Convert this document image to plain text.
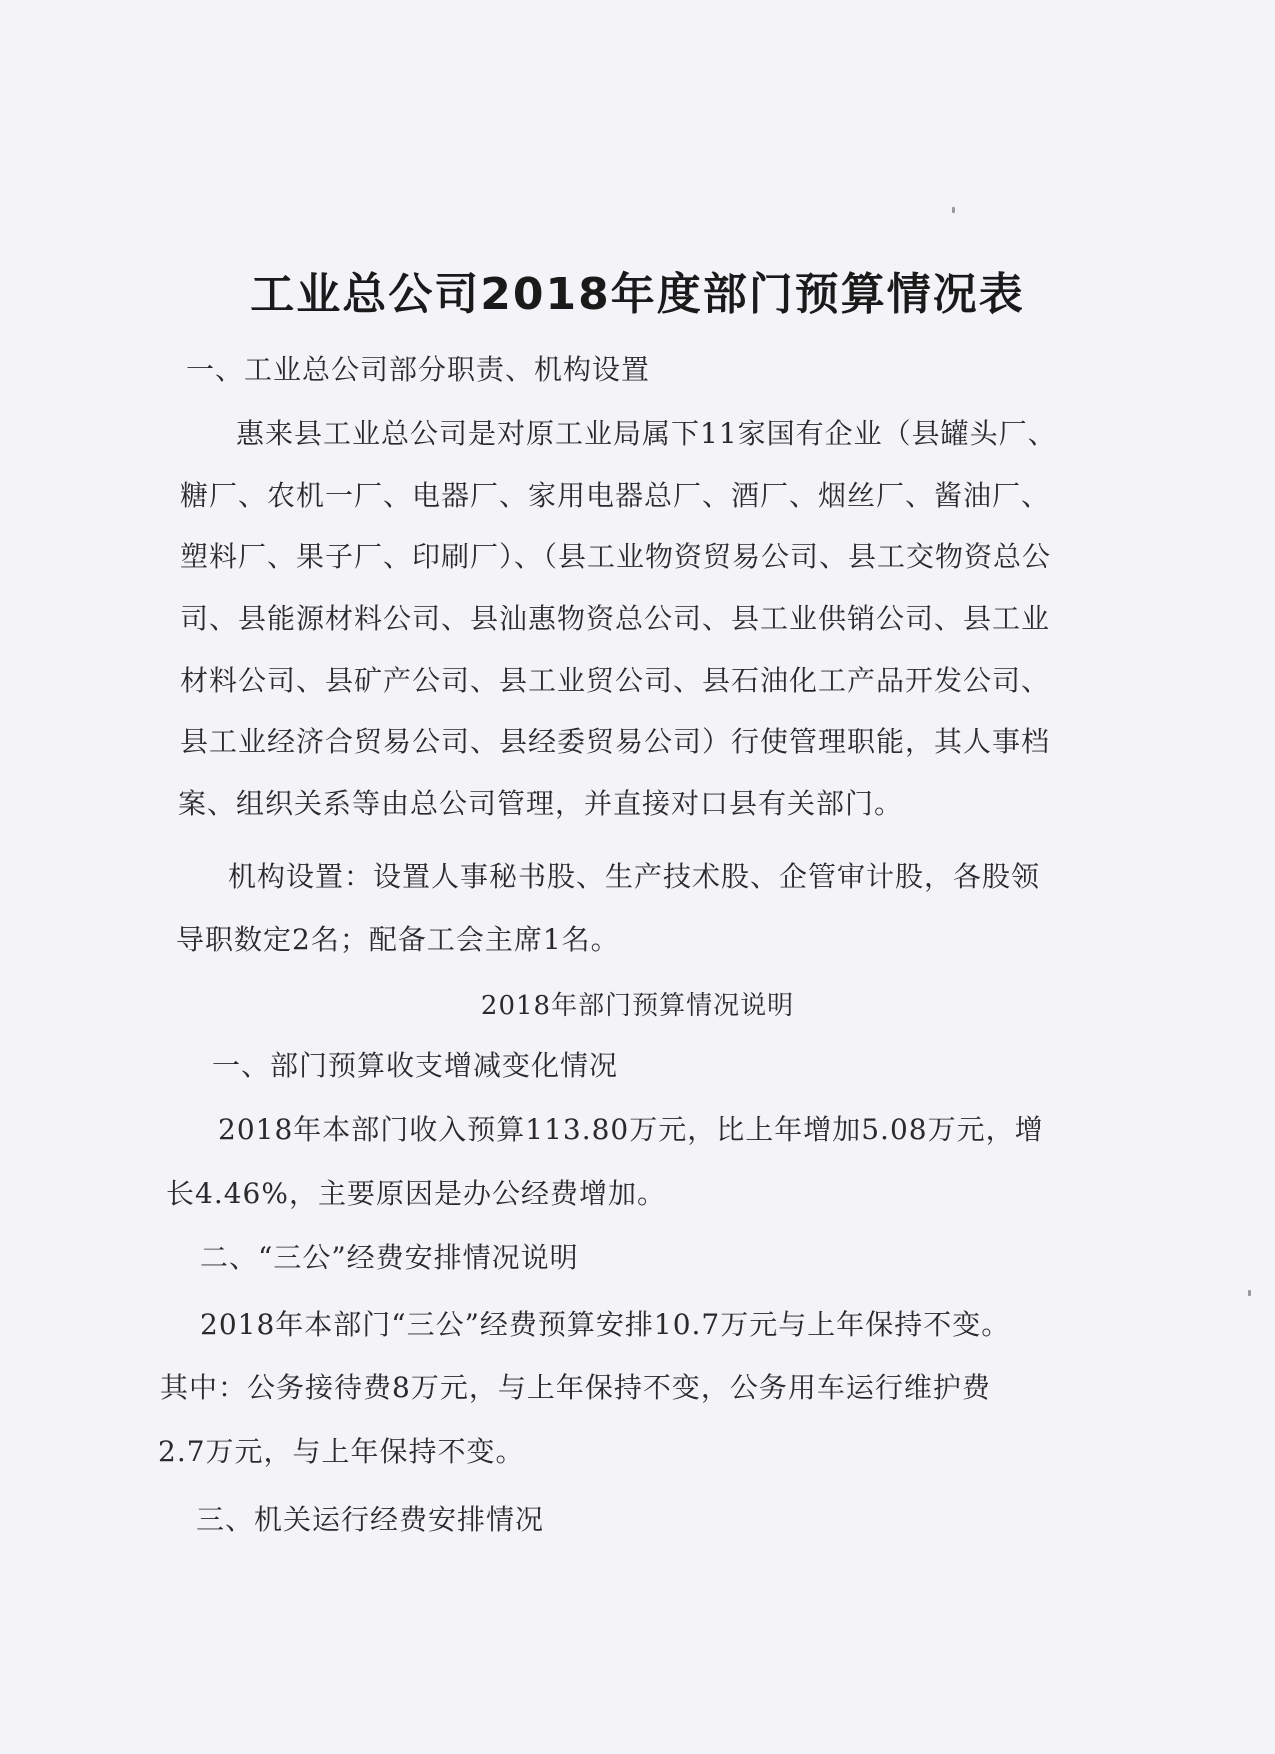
工业总公司2018年度部门预算情况表
一、工业总公司部分职责、机构设置
惠来县工业总公司是对原工业局属下11家国有企业（县罐头厂、
糖厂、农机一厂、电器厂、家用电器总厂、酒厂、烟丝厂、酱油厂、
塑料厂、果子厂、印刷厂）、（县工业物资贸易公司、县工交物资总公
司、县能源材料公司、县汕惠物资总公司、县工业供销公司、县工业
材料公司、县矿产公司、县工业贸公司、县石油化工产品开发公司、
县工业经济合贸易公司、县经委贸易公司）行使管理职能，其人事档
案、组织关系等由总公司管理，并直接对口县有关部门。
机构设置：设置人事秘书股、生产技术股、企管审计股，各股领
导职数定2名；配备工会主席1名。
2018年部门预算情况说明
一、部门预算收支增减变化情况
2018年本部门收入预算113.80万元，比上年增加5.08万元，增
长4.46%，主要原因是办公经费增加。
二、“三公”经费安排情况说明
2018年本部门“三公”经费预算安排10.7万元与上年保持不变。
其中：公务接待费8万元，与上年保持不变，公务用车运行维护费
2.7万元，与上年保持不变。
三、机关运行经费安排情况
